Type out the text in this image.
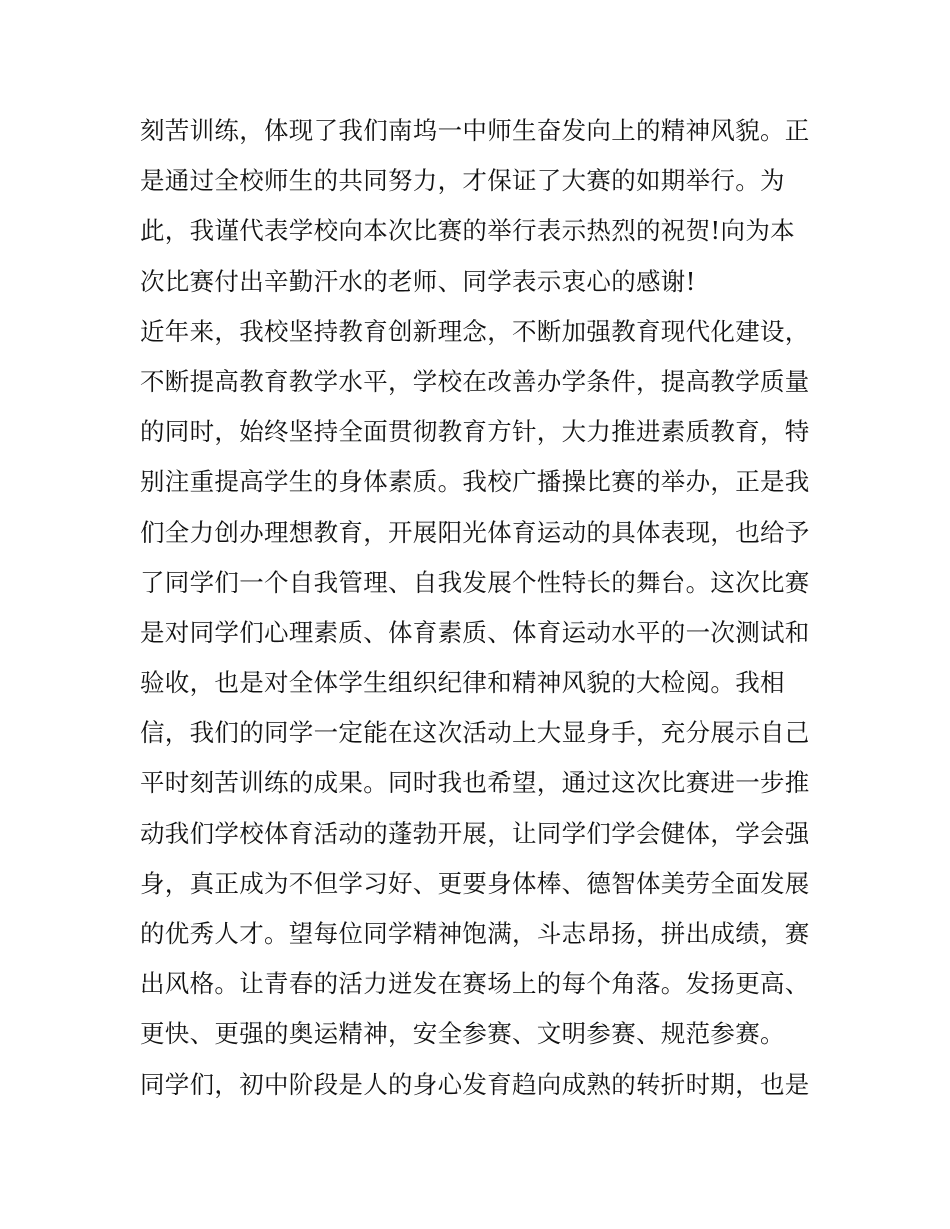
刻苦训练，体现了我们南坞一中师生奋发向上的精神风貌。正
是通过全校师生的共同努力，才保证了大赛的如期举行。为
此，我谨代表学校向本次比赛的举行表示热烈的祝贺!向为本
次比赛付出辛勤汗水的老师、同学表示衷心的感谢!
近年来，我校坚持教育创新理念，不断加强教育现代化建设，
不断提高教育教学水平，学校在改善办学条件，提高教学质量
的同时，始终坚持全面贯彻教育方针，大力推进素质教育，特
别注重提高学生的身体素质。我校广播操比赛的举办，正是我
们全力创办理想教育，开展阳光体育运动的具体表现，也给予
了同学们一个自我管理、自我发展个性特长的舞台。这次比赛
是对同学们心理素质、体育素质、体育运动水平的一次测试和
验收，也是对全体学生组织纪律和精神风貌的大检阅。我相
信，我们的同学一定能在这次活动上大显身手，充分展示自己
平时刻苦训练的成果。同时我也希望，通过这次比赛进一步推
动我们学校体育活动的蓬勃开展，让同学们学会健体，学会强
身，真正成为不但学习好、更要身体棒、德智体美劳全面发展
的优秀人才。望每位同学精神饱满，斗志昂扬，拼出成绩，赛
出风格。让青春的活力迸发在赛场上的每个角落。发扬更高、
更快、更强的奥运精神，安全参赛、文明参赛、规范参赛。
同学们，初中阶段是人的身心发育趋向成熟的转折时期，也是
